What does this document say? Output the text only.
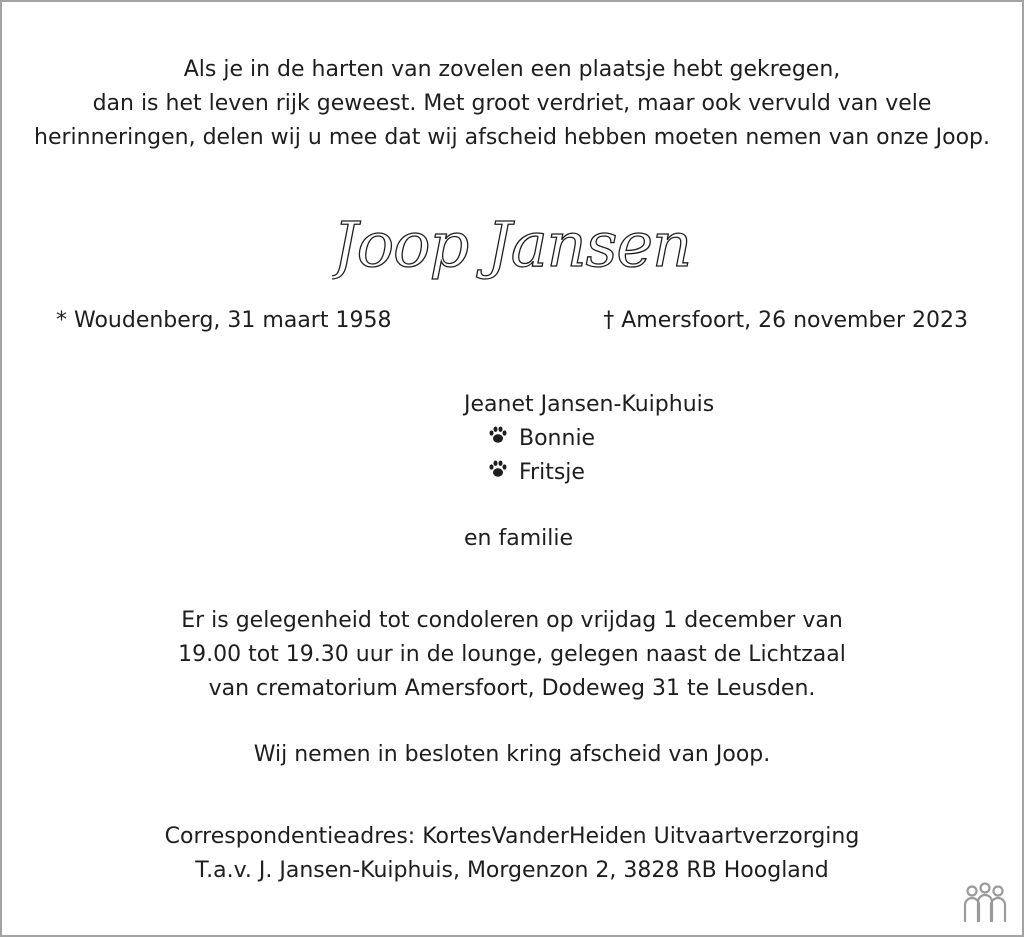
Als je in de harten van zovelen een plaatsje hebt gekregen,
dan is het leven rijk geweest. Met groot verdriet, maar ook vervuld van vele
herinneringen, delen wij u mee dat wij afscheid hebben moeten nemen van onze Joop.
Joop Jansen
* Woudenberg, 31 maart 1958	† Amersfoort, 26 november 2023
Jeanet Jansen-Kuiphuis
Bonnie
Fritsje
en familie
Er is gelegenheid tot condoleren op vrijdag 1 december van
19.00 tot 19.30 uur in de lounge, gelegen naast de Lichtzaal
van crematorium Amersfoort, Dodeweg 31 te Leusden.
Wij nemen in besloten kring afscheid van Joop.
Correspondentieadres: KortesVanderHeiden Uitvaartverzorging
T.a.v. J. Jansen-Kuiphuis, Morgenzon 2, 3828 RB Hoogland
